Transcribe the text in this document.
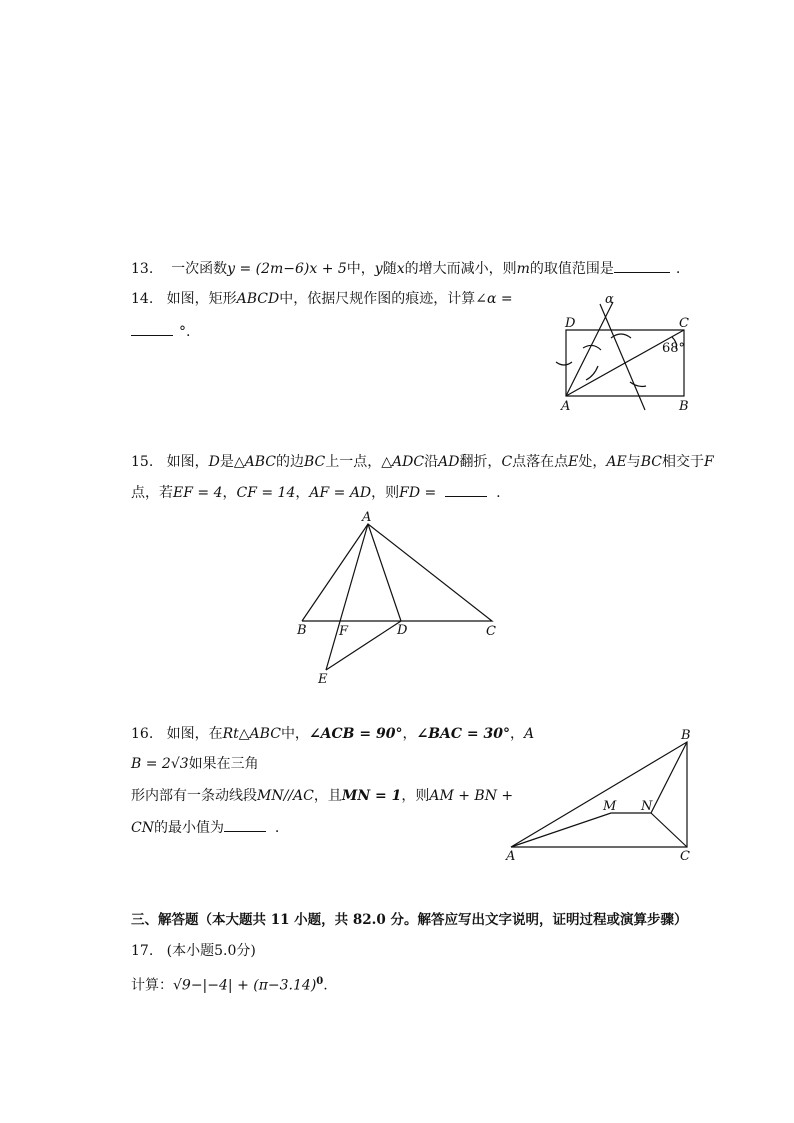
13. 一次函数y = (2m−6)x + 5中，y随x的增大而减小，则m的取值范围是	.
14. 如图，矩形ABCD中，依据尺规作图的痕迹，计算∠α =
°.
D	C
A	B
α
68°
15. 如图，D是△ABC的边BC上一点，△ADC沿AD翻折，C点落在点E处，AE与BC相交于F
点，若EF = 4，CF = 14，AF = AD，则FD =	.
A
B F	D	C
E
16. 如图，在Rt△ABC中，∠ACB = 90°，∠BAC = 30°，A
B = 2√3如果在三角
形内部有一条动线段MN//AC，且MN = 1，则AM + BN +
CN的最小值为	.
A
B
C
M N
三、解答题（本大题共 11 小题，共 82.0 分。解答应写出文字说明，证明过程或演算步骤）
17. (本小题5.0分)
计算：$√9-|-4| + (\pi-3.14)^0$.
